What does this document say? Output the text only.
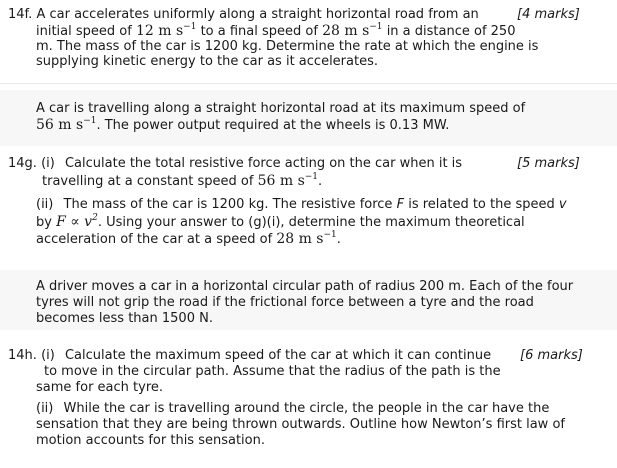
14f. A car accelerates uniformly along a straight horizontal road from an	[4 marks]
initial speed of 12 m $s^{-1}$ to a final speed of 28 m $s^{-1}$ in a distance of 250
m. The mass of the car is 1200 kg. Determine the rate at which the engine is
supplying kinetic energy to the car as it accelerates.
A car is travelling along a straight horizontal road at its maximum speed of
56 m $s^{-1}$. The power output required at the wheels is 0.13 MW.
14g. (i) Calculate the total resistive force acting on the car when it is	[5 marks]
travelling at a constant speed of 56 m $s^{-1}$.
(ii) The mass of the car is 1200 kg. The resistive force F is related to the speed v
by $F \propto v^2$. Using your answer to (g)(i), determine the maximum theoretical
acceleration of the car at a speed of 28 m $s^{-1}$.
A driver moves a car in a horizontal circular path of radius 200 m. Each of the four
tyres will not grip the road if the frictional force between a tyre and the road
becomes less than 1500 N.
14h. (i) Calculate the maximum speed of the car at which it can continue [6 marks]
to move in the circular path. Assume that the radius of the path is the
same for each tyre.
(ii) While the car is travelling around the circle, the people in the car have the
sensation that they are being thrown outwards. Outline how Newton’s first law of
motion accounts for this sensation.
